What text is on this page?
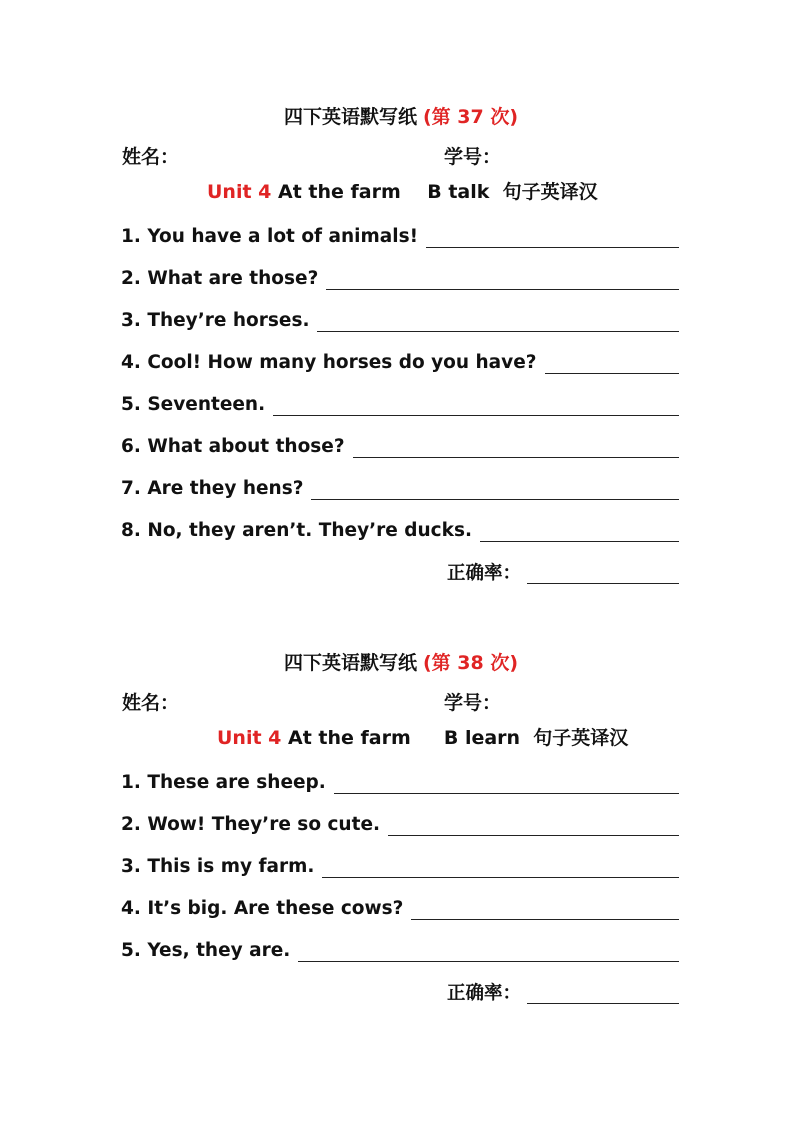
四下英语默写纸 (第 37 次)
姓名：	学号：
Unit 4 At the farm    B talk  句子英译汉
1. You have a lot of animals!
2. What are those?
3. They’re horses.
4. Cool! How many horses do you have?
5. Seventeen.
6. What about those?
7. Are they hens?
8. No, they aren’t. They’re ducks.
正确率：
四下英语默写纸 (第 38 次)
姓名：	学号：
Unit 4 At the farm     B learn  句子英译汉
1. These are sheep.
2. Wow! They’re so cute.
3. This is my farm.
4. It’s big. Are these cows?
5. Yes, they are.
正确率：
